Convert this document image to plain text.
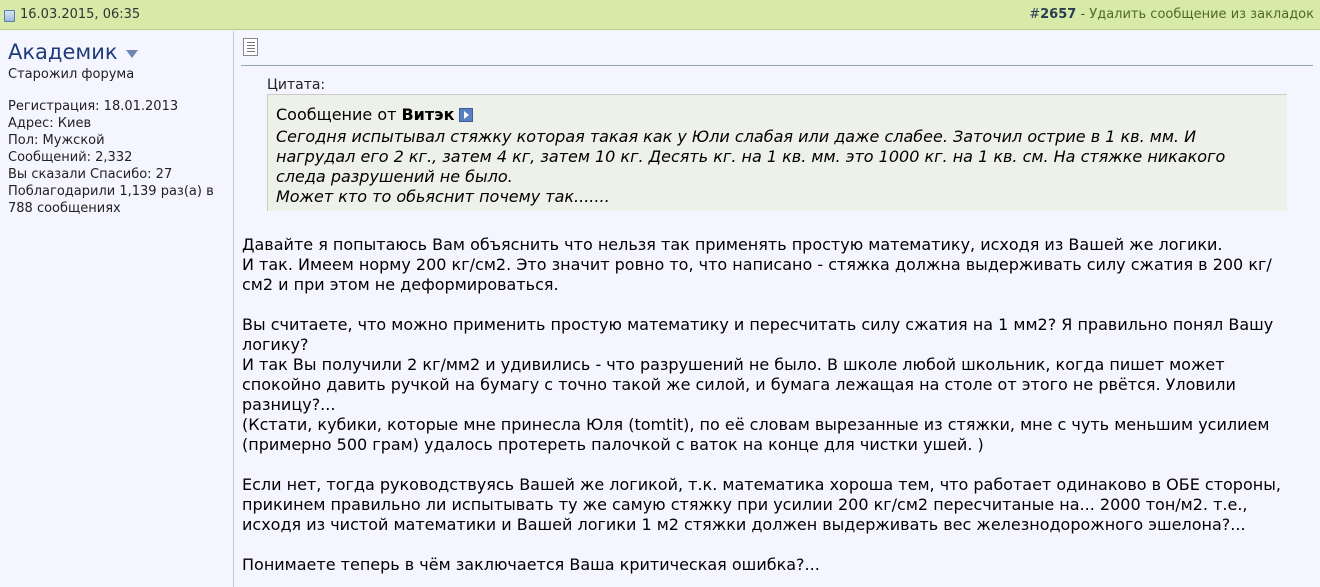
16.03.2015, 06:35	#2657 - Удалить сообщение из закладок
Академик
Старожил форума
Регистрация: 18.01.2013
Адрес: Киев
Пол: Мужской
Сообщений: 2,332
Вы сказали Спасибо: 27
Поблагодарили 1,139 раз(а) в 788 сообщениях
Цитата:
Сообщение от Витэк
Сегодня испытывал стяжку которая такая как у Юли слабая или даже слабее. Заточил острие в 1 кв. мм. И
нагрудал его 2 кг., затем 4 кг, затем 10 кг. Десять кг. на 1 кв. мм. это 1000 кг. на 1 кв. см. На стяжке никакого
следа разрушений не было.
Может кто то обьяснит почему так.......

Давайте я попытаюсь Вам объяснить что нельзя так применять простую математику, исходя из Вашей же логики.
И так. Имеем норму 200 кг/см2. Это значит ровно то, что написано - стяжка должна выдерживать силу сжатия в 200 кг/
см2 и при этом не деформироваться.

Вы считаете, что можно применить простую математику и пересчитать силу сжатия на 1 мм2? Я правильно понял Вашу
логику?
И так Вы получили 2 кг/мм2 и удивились - что разрушений не было. В школе любой школьник, когда пишет может
спокойно давить ручкой на бумагу с точно такой же силой, и бумага лежащая на столе от этого не рвётся. Уловили
разницу?...
(Кстати, кубики, которые мне принесла Юля (tomtit), по её словам вырезанные из стяжки, мне с чуть меньшим усилием
(примерно 500 грам) удалось протереть палочкой с ваток на конце для чистки ушей. )

Если нет, тогда руководствуясь Вашей же логикой, т.к. математика хороша тем, что работает одинаково в ОБЕ стороны,
прикинем правильно ли испытывать ту же самую стяжку при усилии 200 кг/см2 пересчитаные на... 2000 тон/м2. т.е.,
исходя из чистой математики и Вашей логики 1 м2 стяжки должен выдерживать вес железнодорожного эшелона?...

Понимаете теперь в чём заключается Ваша критическая ошибка?...
